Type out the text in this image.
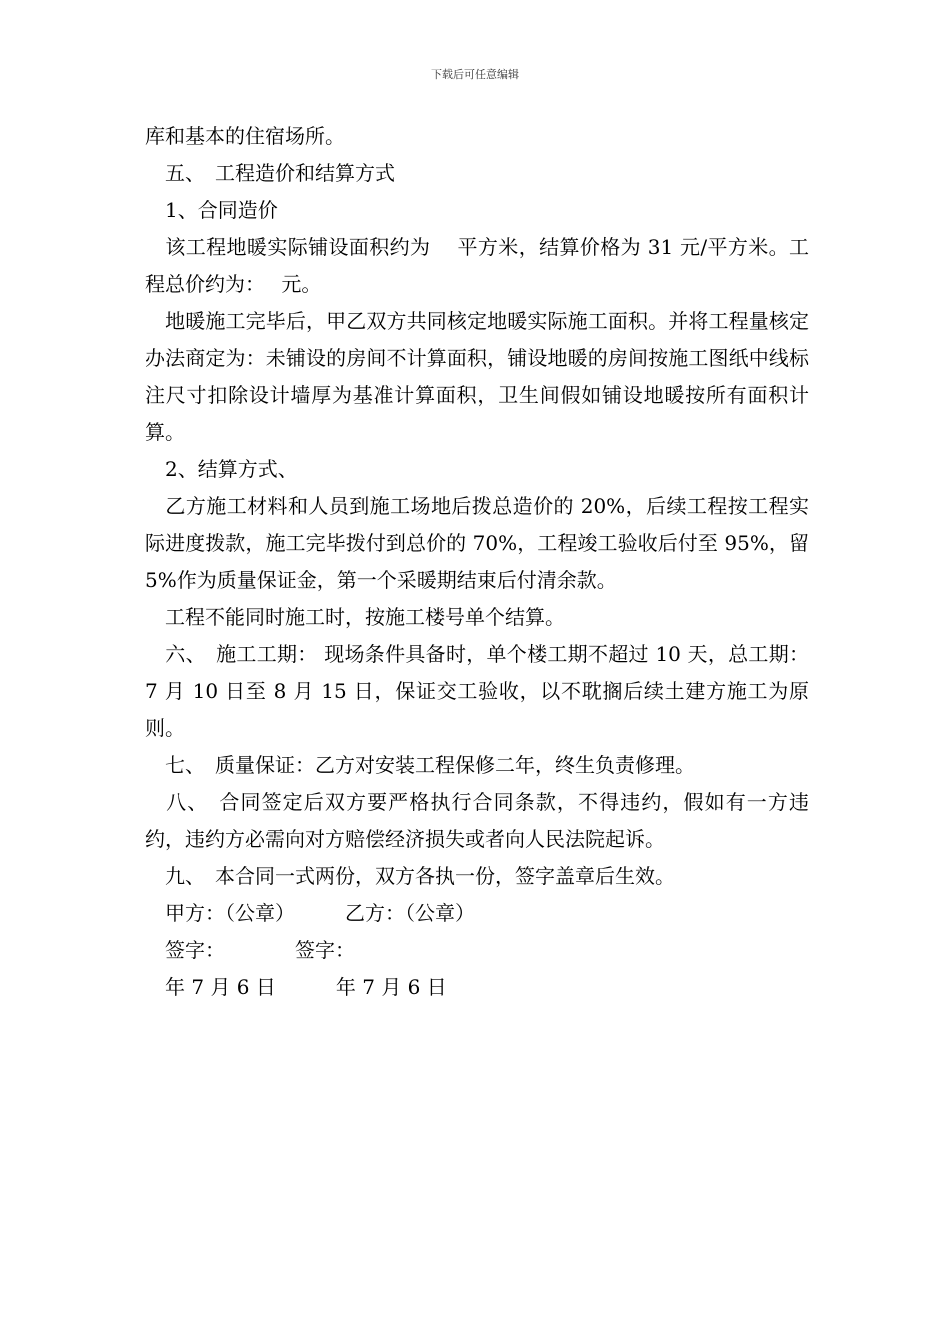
下载后可任意编辑

库和基本的住宿场所。

　五、　工程造价和结算方式

　1、合同造价

　该工程地暖实际铺设面积约为　 平方米，结算价格为 31 元/平方米。工程总价约为：　 元。

　地暖施工完毕后，甲乙双方共同核定地暖实际施工面积。并将工程量核定办法商定为：未铺设的房间不计算面积，铺设地暖的房间按施工图纸中线标注尺寸扣除设计墙厚为基准计算面积，卫生间假如铺设地暖按所有面积计算。

　2、结算方式、

　乙方施工材料和人员到施工场地后拨总造价的 20%，后续工程按工程实际进度拨款，施工完毕拨付到总价的 70%，工程竣工验收后付至 95%，留 5%作为质量保证金，第一个采暖期结束后付清余款。

　工程不能同时施工时，按施工楼号单个结算。

　六、　施工工期： 现场条件具备时，单个楼工期不超过 10 天，总工期：7 月 10 日至 8 月 15 日，保证交工验收，以不耽搁后续土建方施工为原则。

　七、　质量保证：乙方对安装工程保修二年，终生负责修理。

　八、　合同签定后双方要严格执行合同条款，不得违约，假如有一方违约，违约方必需向对方赔偿经济损失或者向人民法院起诉。

　九、　本合同一式两份，双方各执一份，签字盖章后生效。

　甲方：（公章）　　　乙方：（公章）

　签字：　　　　签字：

　年 7 月 6 日　　　年 7 月 6 日
